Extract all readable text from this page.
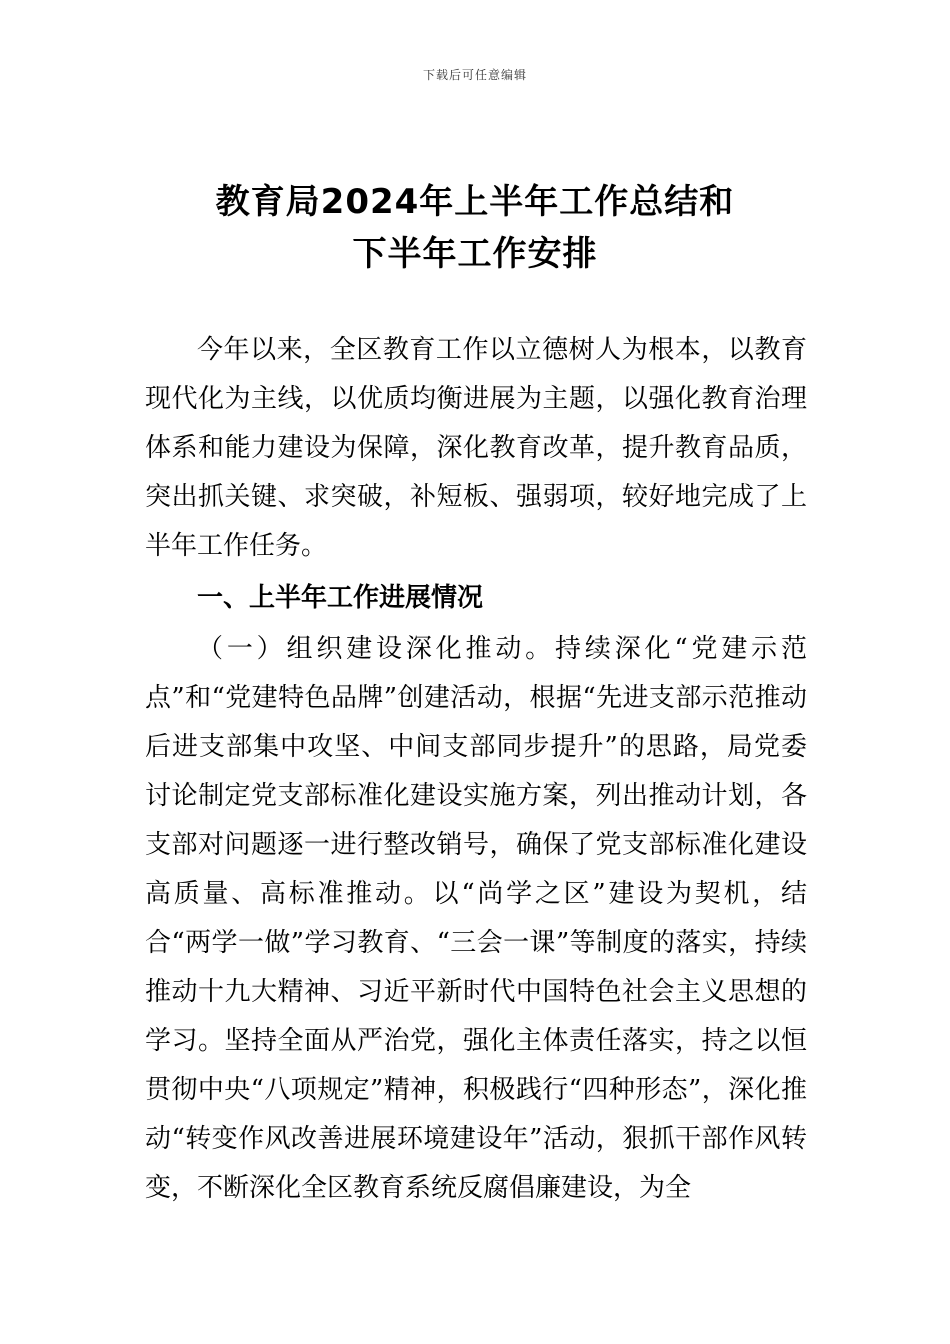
下载后可任意编辑
教育局2024年上半年工作总结和
下半年工作安排

今年以来，全区教育工作以立德树人为根本，以教育现代化为主线，以优质均衡进展为主题，以强化教育治理体系和能力建设为保障，深化教育改革，提升教育品质，突出抓关键、求突破，补短板、强弱项，较好地完成了上半年工作任务。

一、上半年工作进展情况

（一）组织建设深化推动。持续深化“党建示范点”和“党建特色品牌”创建活动，根据“先进支部示范推动后进支部集中攻坚、中间支部同步提升”的思路，局党委讨论制定党支部标准化建设实施方案，列出推动计划，各支部对问题逐一进行整改销号，确保了党支部标准化建设高质量、高标准推动。以“尚学之区”建设为契机，结合“两学一做”学习教育、“三会一课”等制度的落实，持续推动十九大精神、习近平新时代中国特色社会主义思想的学习。坚持全面从严治党，强化主体责任落实，持之以恒贯彻中央“八项规定”精神，积极践行“四种形态”，深化推动“转变作风改善进展环境建设年”活动，狠抓干部作风转变，不断深化全区教育系统反腐倡廉建设，为全
